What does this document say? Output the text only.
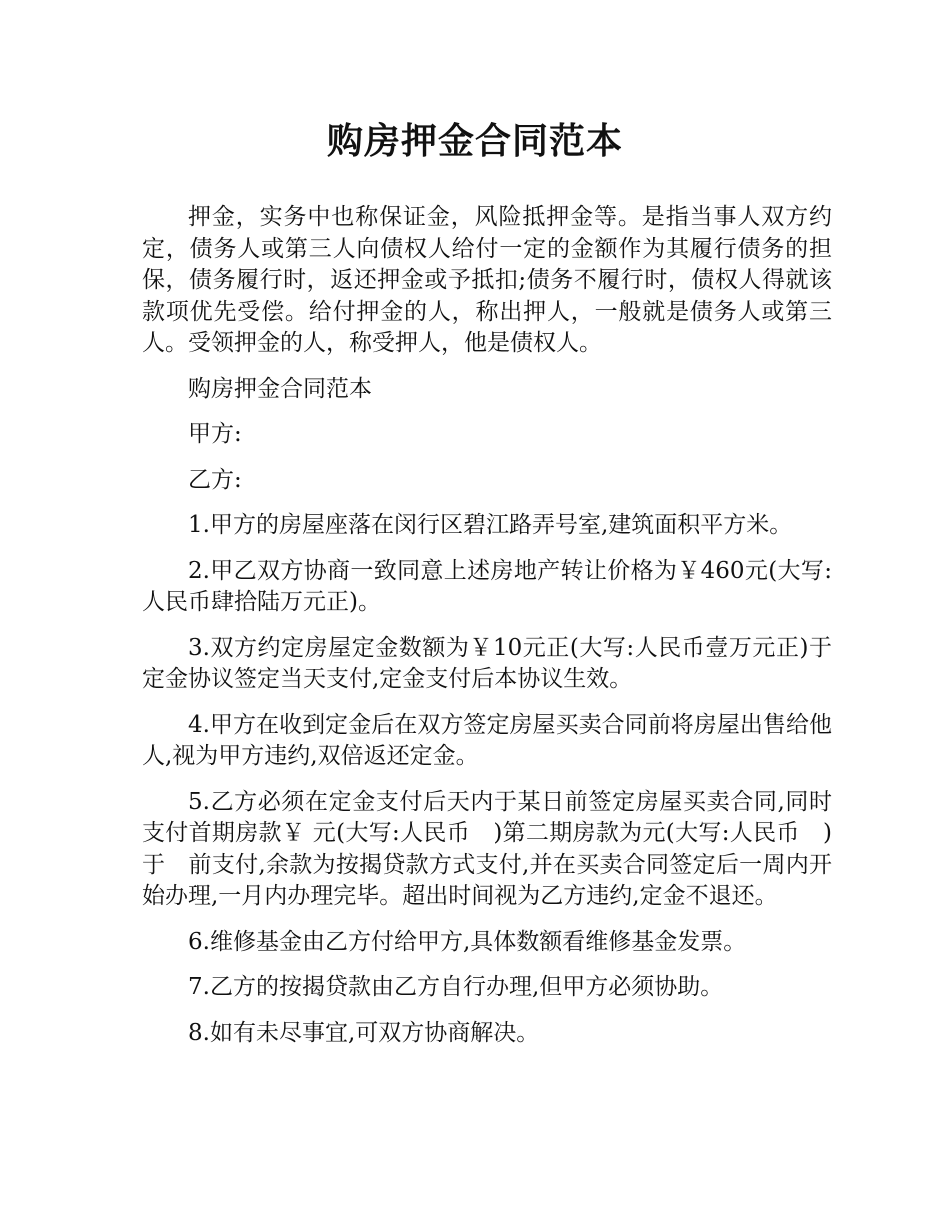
购房押金合同范本

押金，实务中也称保证金，风险抵押金等。是指当事人双方约定，债务人或第三人向债权人给付一定的金额作为其履行债务的担保，债务履行时，返还押金或予抵扣;债务不履行时，债权人得就该款项优先受偿。给付押金的人，称出押人，一般就是债务人或第三人。受领押金的人，称受押人，他是债权人。

购房押金合同范本

甲方:

乙方:

1.甲方的房屋座落在闵行区碧江路弄号室,建筑面积平方米。

2.甲乙双方协商一致同意上述房地产转让价格为￥460元(大写:人民币肆拾陆万元正)。

3.双方约定房屋定金数额为￥10元正(大写:人民币壹万元正)于定金协议签定当天支付,定金支付后本协议生效。

4.甲方在收到定金后在双方签定房屋买卖合同前将房屋出售给他人,视为甲方违约,双倍返还定金。

5.乙方必须在定金支付后天内于某日前签定房屋买卖合同,同时支付首期房款￥ 元(大写:人民币　)第二期房款为元(大写:人民币　)于　前支付,余款为按揭贷款方式支付,并在买卖合同签定后一周内开始办理,一月内办理完毕。超出时间视为乙方违约,定金不退还。

6.维修基金由乙方付给甲方,具体数额看维修基金发票。

7.乙方的按揭贷款由乙方自行办理,但甲方必须协助。

8.如有未尽事宜,可双方协商解决。
